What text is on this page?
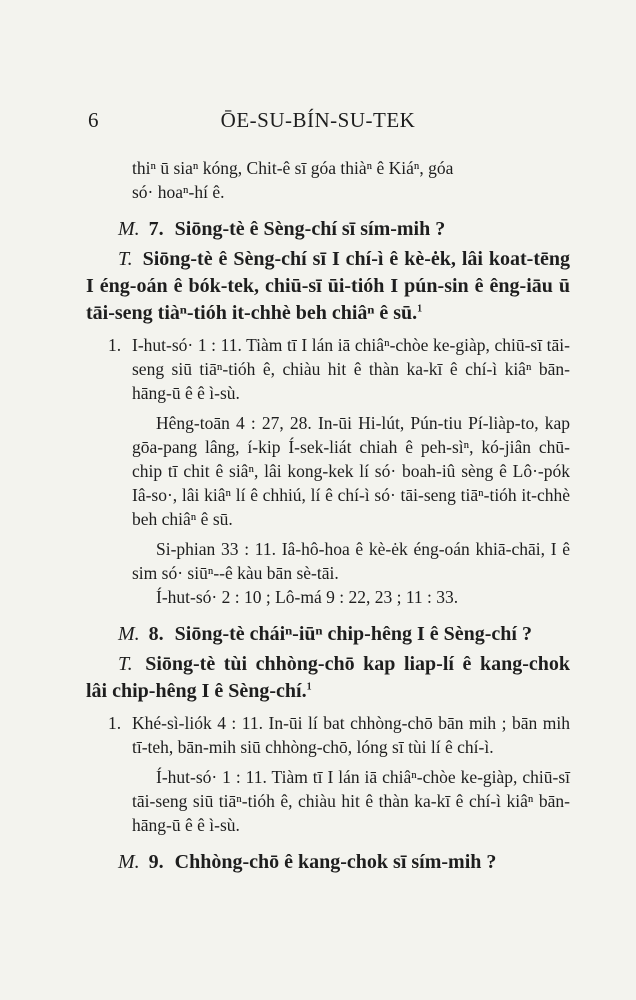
6	ŌE-SU-BÍN-SU-TEK

thiⁿ ū siaⁿ kóng, Chit-ê sī góa thiàⁿ ê Kiáⁿ, góa

só· hoaⁿ-hí ê.

M. 7. Siōng-tè ê Sèng-chí sī sím-mih ?

T. Siōng-tè ê Sèng-chí sī I chí-ì ê kè-ėk, lâi koat-tēng I éng-oán ê bók-tek, chiū-sī ūi-tióh I pún-sin ê êng-iāu ū tāi-seng tiàⁿ-tióh it-chhè beh chiâⁿ ê sū.$^1$

1. I-hut-só· 1 : 11. Tiàm tī I lán iā chiâⁿ-chòe ke-giàp, chiū-sī tāi-seng siū tiāⁿ-tióh ê, chiàu hit ê thàn ka-kī ê chí-ì kiâⁿ bān-hāng-ū ê ê ì-sù.

Hêng-toān 4 : 27, 28. In-ūi Hi-lút, Pún-tiu Pí-liàp-to, kap gōa-pang lâng, í-kip Í-sek-liát chiah ê peh-sìⁿ, kó-jiân chū-chip tī chit ê siâⁿ, lâi kong-kek lí só· boah-iû sèng ê Lô·-pók Iâ-so·, lâi kiâⁿ lí ê chhiú, lí ê chí-ì só· tāi-seng tiāⁿ-tióh it-chhè beh chiâⁿ ê sū.

Si-phian 33 : 11. Iâ-hô-hoa ê kè-ėk éng-oán khiā-chāi, I ê sim só· siūⁿ--ê kàu bān sè-tāi.

Í-hut-só· 2 : 10 ; Lô-má 9 : 22, 23 ; 11 : 33.

M. 8. Siōng-tè cháiⁿ-iūⁿ chip-hêng I ê Sèng-chí ?

T. Siōng-tè tùi chhòng-chō kap liap-lí ê kang-chok lâi chip-hêng I ê Sèng-chí.$^1$

1. Khé-sì-liók 4 : 11. In-ūi lí bat chhòng-chō bān mih ; bān mih tī-teh, bān-mih siū chhòng-chō, lóng sī tùi lí ê chí-ì.

Í-hut-só· 1 : 11. Tiàm tī I lán iā chiâⁿ-chòe ke-giàp, chiū-sī tāi-seng siū tiāⁿ-tióh ê, chiàu hit ê thàn ka-kī ê chí-ì kiâⁿ bān-hāng-ū ê ê ì-sù.

M. 9. Chhòng-chō ê kang-chok sī sím-mih ?
